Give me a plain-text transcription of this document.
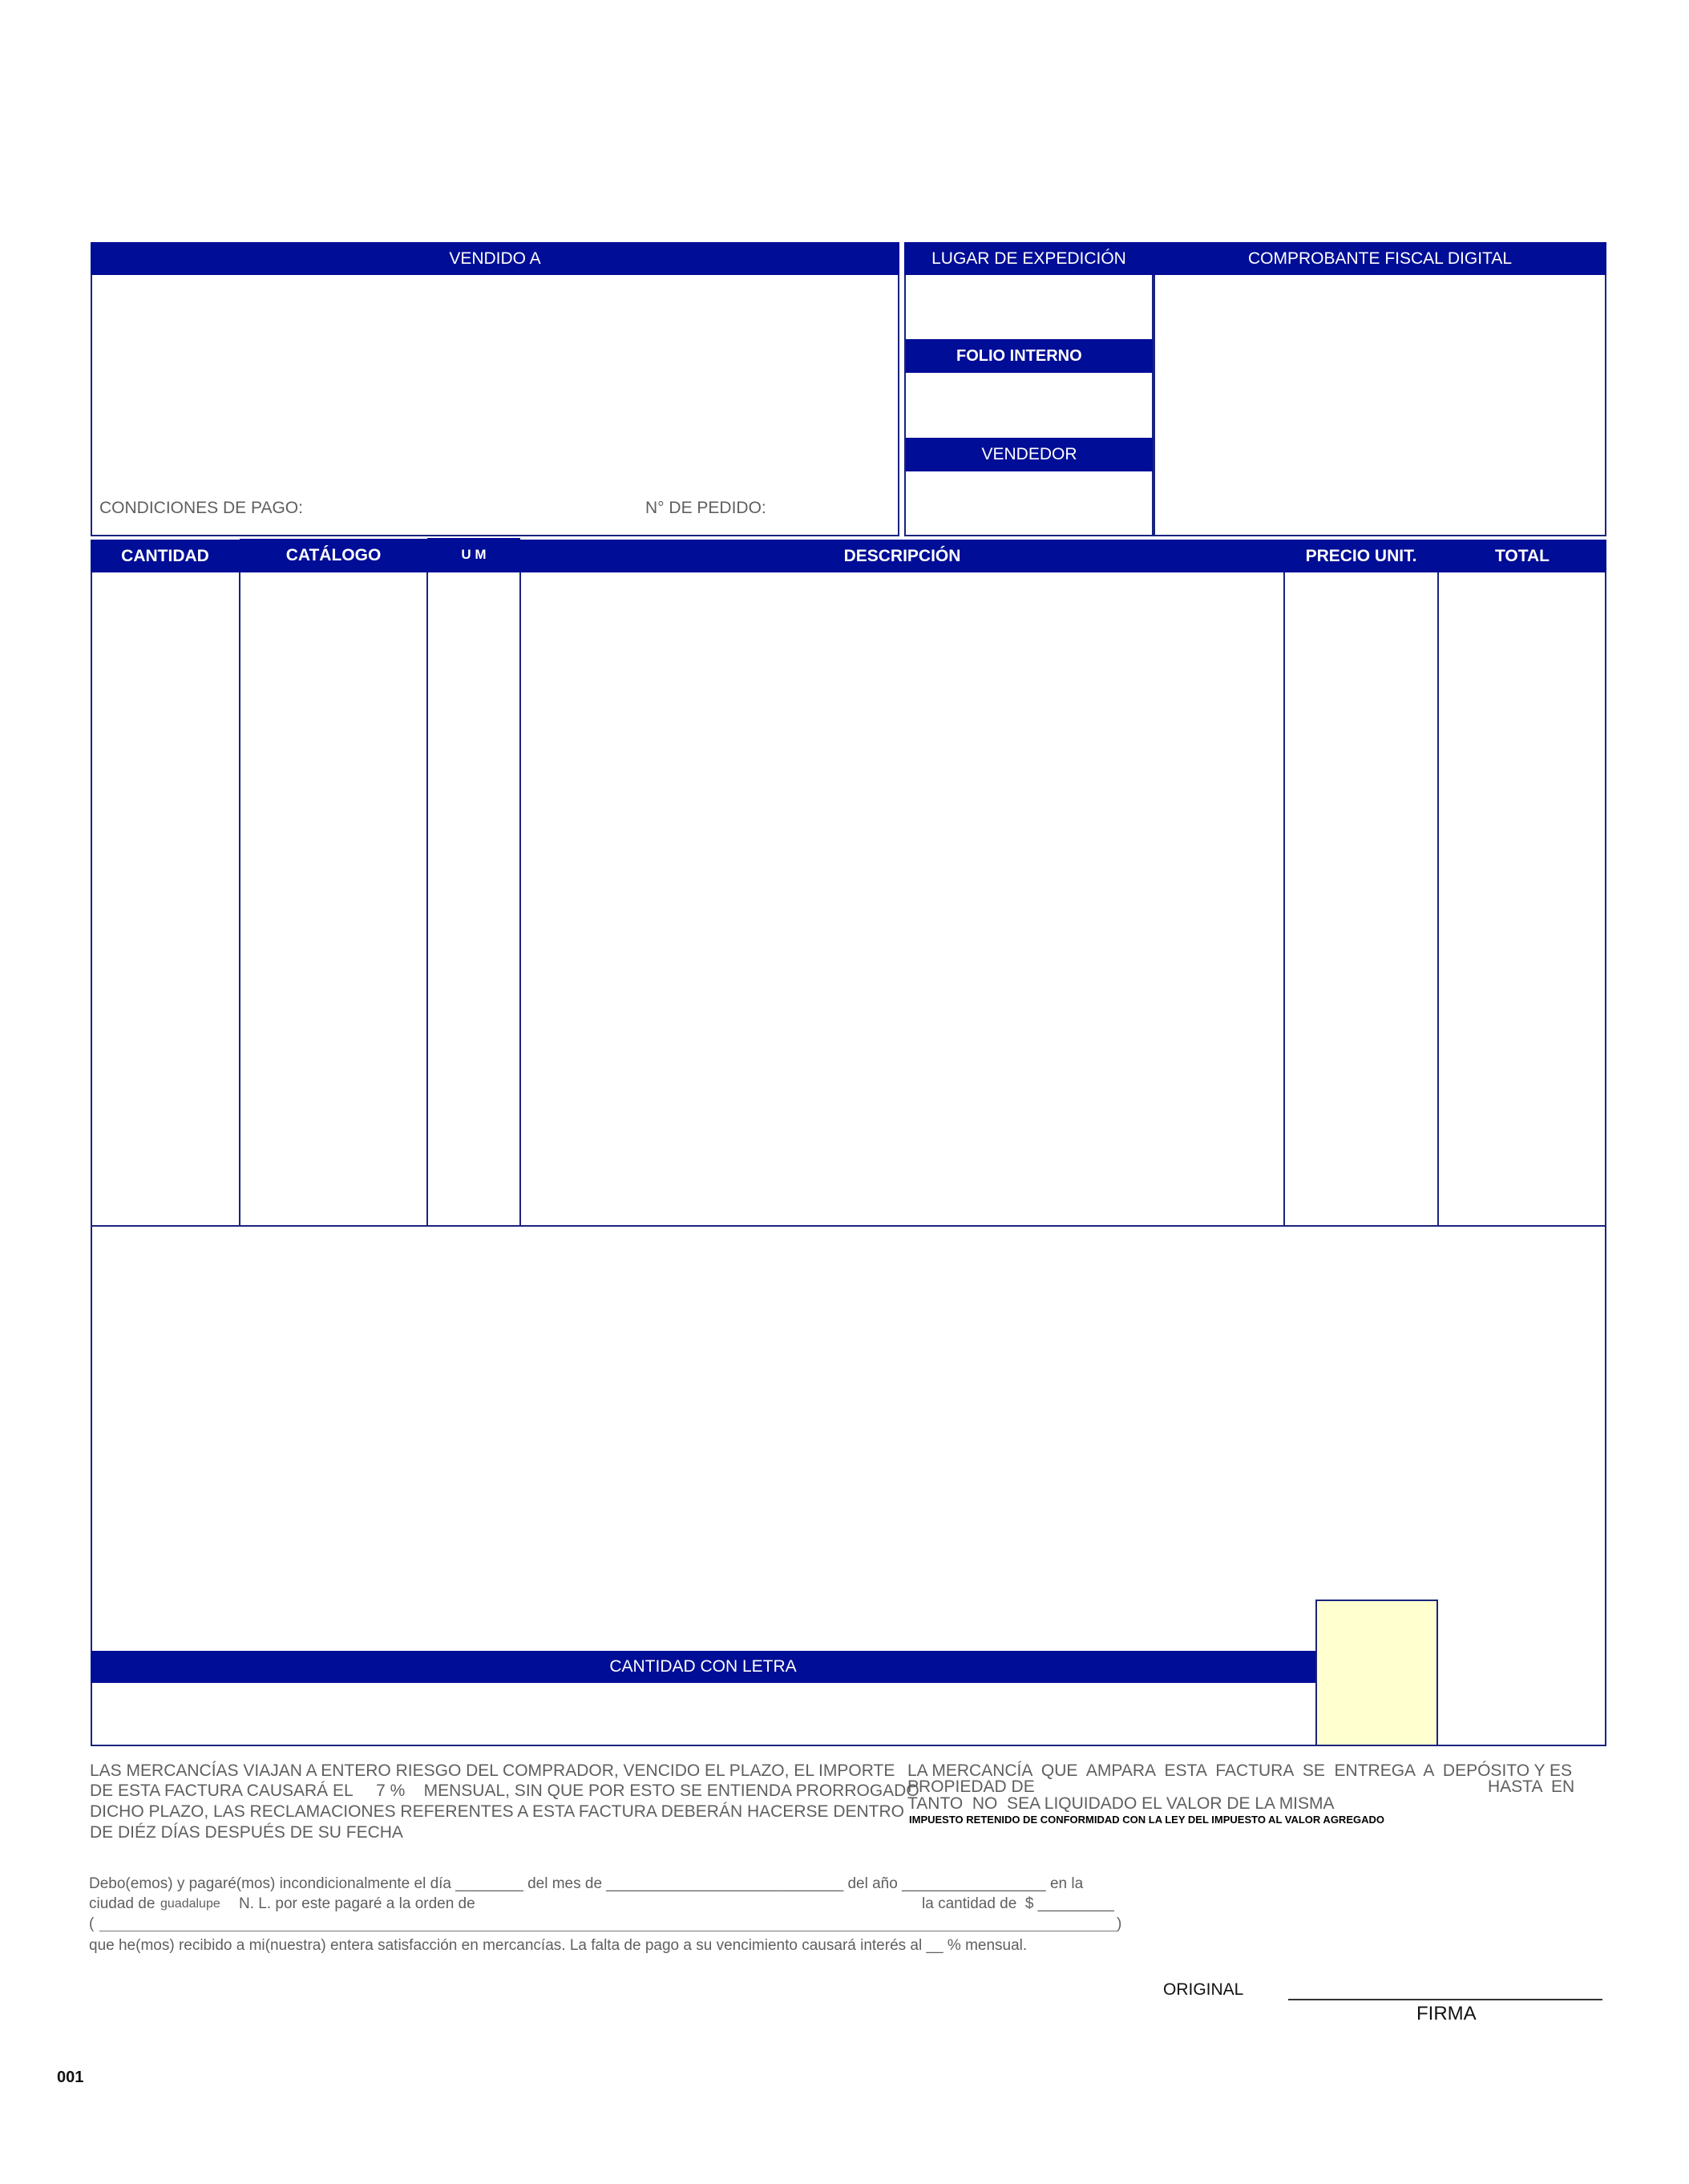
VENDIDO A
CONDICIONES DE PAGO:	N° DE PEDIDO:
LUGAR DE EXPEDICIÓN	COMPROBANTE FISCAL DIGITAL
FOLIO INTERNO
VENDEDOR
CANTIDAD	CATÁLOGO	U M	DESCRIPCIÓN	PRECIO UNIT.	TOTAL
CANTIDAD CON LETRA
LAS MERCANCÍAS VIAJAN A ENTERO RIESGO DEL COMPRADOR, VENCIDO EL PLAZO, EL IMPORTE
DE ESTA FACTURA CAUSARÁ EL     7 %    MENSUAL, SIN QUE POR ESTO SE ENTIENDA PRORROGADO
DICHO PLAZO, LAS RECLAMACIONES REFERENTES A ESTA FACTURA DEBERÁN HACERSE DENTRO
DE DIÉZ DÍAS DESPUÉS DE SU FECHA
LA MERCANCÍA  QUE  AMPARA  ESTA  FACTURA  SE  ENTREGA  A  DEPÓSITO Y ES
PROPIEDAD DE	HASTA  EN
TANTO  NO  SEA LIQUIDADO EL VALOR DE LA MISMA
IMPUESTO RETENIDO DE CONFORMIDAD CON LA LEY DEL IMPUESTO AL VALOR AGREGADO
Debo(emos) y pagaré(mos) incondicionalmente el día ________ del mes de ____________________________ del año _________________ en la
ciudad de guadalupe N. L. por este pagaré a la orden de	la cantidad de  $ _________
(	)
que he(mos) recibido a mi(nuestra) entera satisfacción en mercancías. La falta de pago a su vencimiento causará interés al __ % mensual.
ORIGINAL
FIRMA
001
